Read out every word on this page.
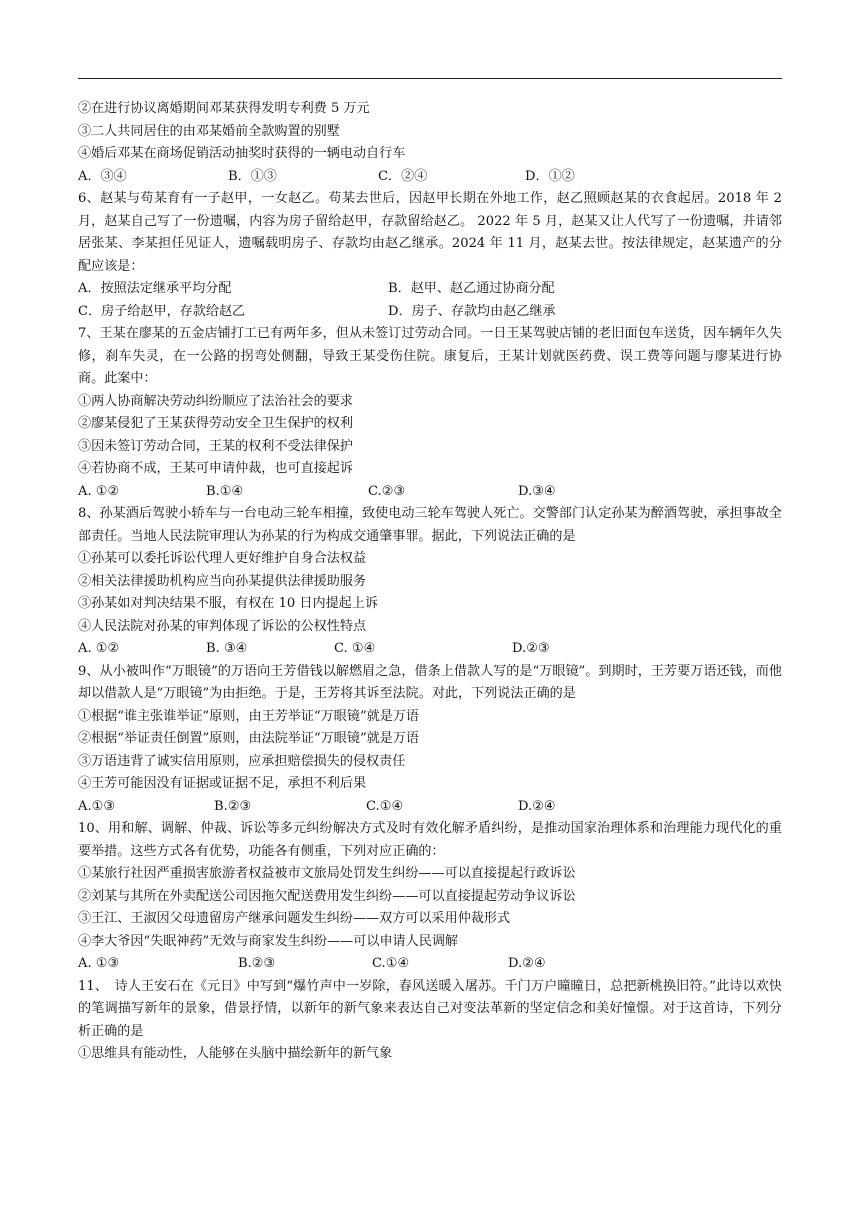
②在进行协议离婚期间邓某获得发明专利费 5 万元
③二人共同居住的由邓某婚前全款购置的别墅
④婚后邓某在商场促销活动抽奖时获得的一辆电动自行车
A．③④	B．①③	C．②④	D．①②
6、赵某与苟某育有一子赵甲，一女赵乙。苟某去世后，因赵甲长期在外地工作，赵乙照顾赵某的衣食起居。2018 年 2 月，赵某自己写了一份遗嘱，内容为房子留给赵甲，存款留给赵乙。 2022 年 5 月，赵某又让人代写了一份遗嘱，并请邻居张某、李某担任见证人，遗嘱载明房子、存款均由赵乙继承。2024 年 11 月，赵某去世。按法律规定，赵某遗产的分配应该是：
A．按照法定继承平均分配	B．赵甲、赵乙通过协商分配
C．房子给赵甲，存款给赵乙	D．房子、存款均由赵乙继承
7、王某在廖某的五金店铺打工已有两年多，但从未签订过劳动合同。一日王某驾驶店铺的老旧面包车送货，因车辆年久失修，刹车失灵，在一公路的拐弯处侧翻，导致王某受伤住院。康复后，王某计划就医药费、误工费等问题与廖某进行协商。此案中：
①两人协商解决劳动纠纷顺应了法治社会的要求
②廖某侵犯了王某获得劳动安全卫生保护的权利
③因未签订劳动合同，王某的权利不受法律保护
④若协商不成，王某可申请仲裁，也可直接起诉
A. ①②	B.①④	C.②③	D.③④
8、孙某酒后驾驶小轿车与一台电动三轮车相撞，致使电动三轮车驾驶人死亡。交警部门认定孙某为醉酒驾驶，承担事故全部责任。当地人民法院审理认为孙某的行为构成交通肇事罪。据此，下列说法正确的是
①孙某可以委托诉讼代理人更好维护自身合法权益
②相关法律援助机构应当向孙某提供法律援助服务
③孙某如对判决结果不服，有权在 10 日内提起上诉
④人民法院对孙某的审判体现了诉讼的公权性特点
A. ①②	B. ③④	C. ①④	D.②③
9、从小被叫作“万眼镜”的万语向王芳借钱以解燃眉之急，借条上借款人写的是“万眼镜”。到期时，王芳要万语还钱，而他却以借款人是“万眼镜”为由拒绝。于是，王芳将其诉至法院。对此，下列说法正确的是
①根据“谁主张谁举证”原则，由王芳举证“万眼镜”就是万语
②根据“举证责任倒置”原则，由法院举证“万眼镜”就是万语
③万语违背了诚实信用原则，应承担赔偿损失的侵权责任
④王芳可能因没有证据或证据不足，承担不利后果
A.①③	B.②③	C.①④	D.②④
10、用和解、调解、仲裁、诉讼等多元纠纷解决方式及时有效化解矛盾纠纷，是推动国家治理体系和治理能力现代化的重要举措。这些方式各有优势，功能各有侧重，下列对应正确的：
①某旅行社因严重损害旅游者权益被市文旅局处罚发生纠纷——可以直接提起行政诉讼
②刘某与其所在外卖配送公司因拖欠配送费用发生纠纷——可以直接提起劳动争议诉讼
③王江、王淑因父母遗留房产继承问题发生纠纷——双方可以采用仲裁形式
④李大爷因“失眠神药”无效与商家发生纠纷——可以申请人民调解
A. ①③	B.②③	C.①④	D.②④
11、　诗人王安石在《元日》中写到“爆竹声中一岁除，春风送暖入屠苏。千门万户曈曈日，总把新桃换旧符。”此诗以欢快的笔调描写新年的景象，借景抒情，以新年的新气象来表达自己对变法革新的坚定信念和美好憧憬。对于这首诗，下列分析正确的是
①思维具有能动性，人能够在头脑中描绘新年的新气象
